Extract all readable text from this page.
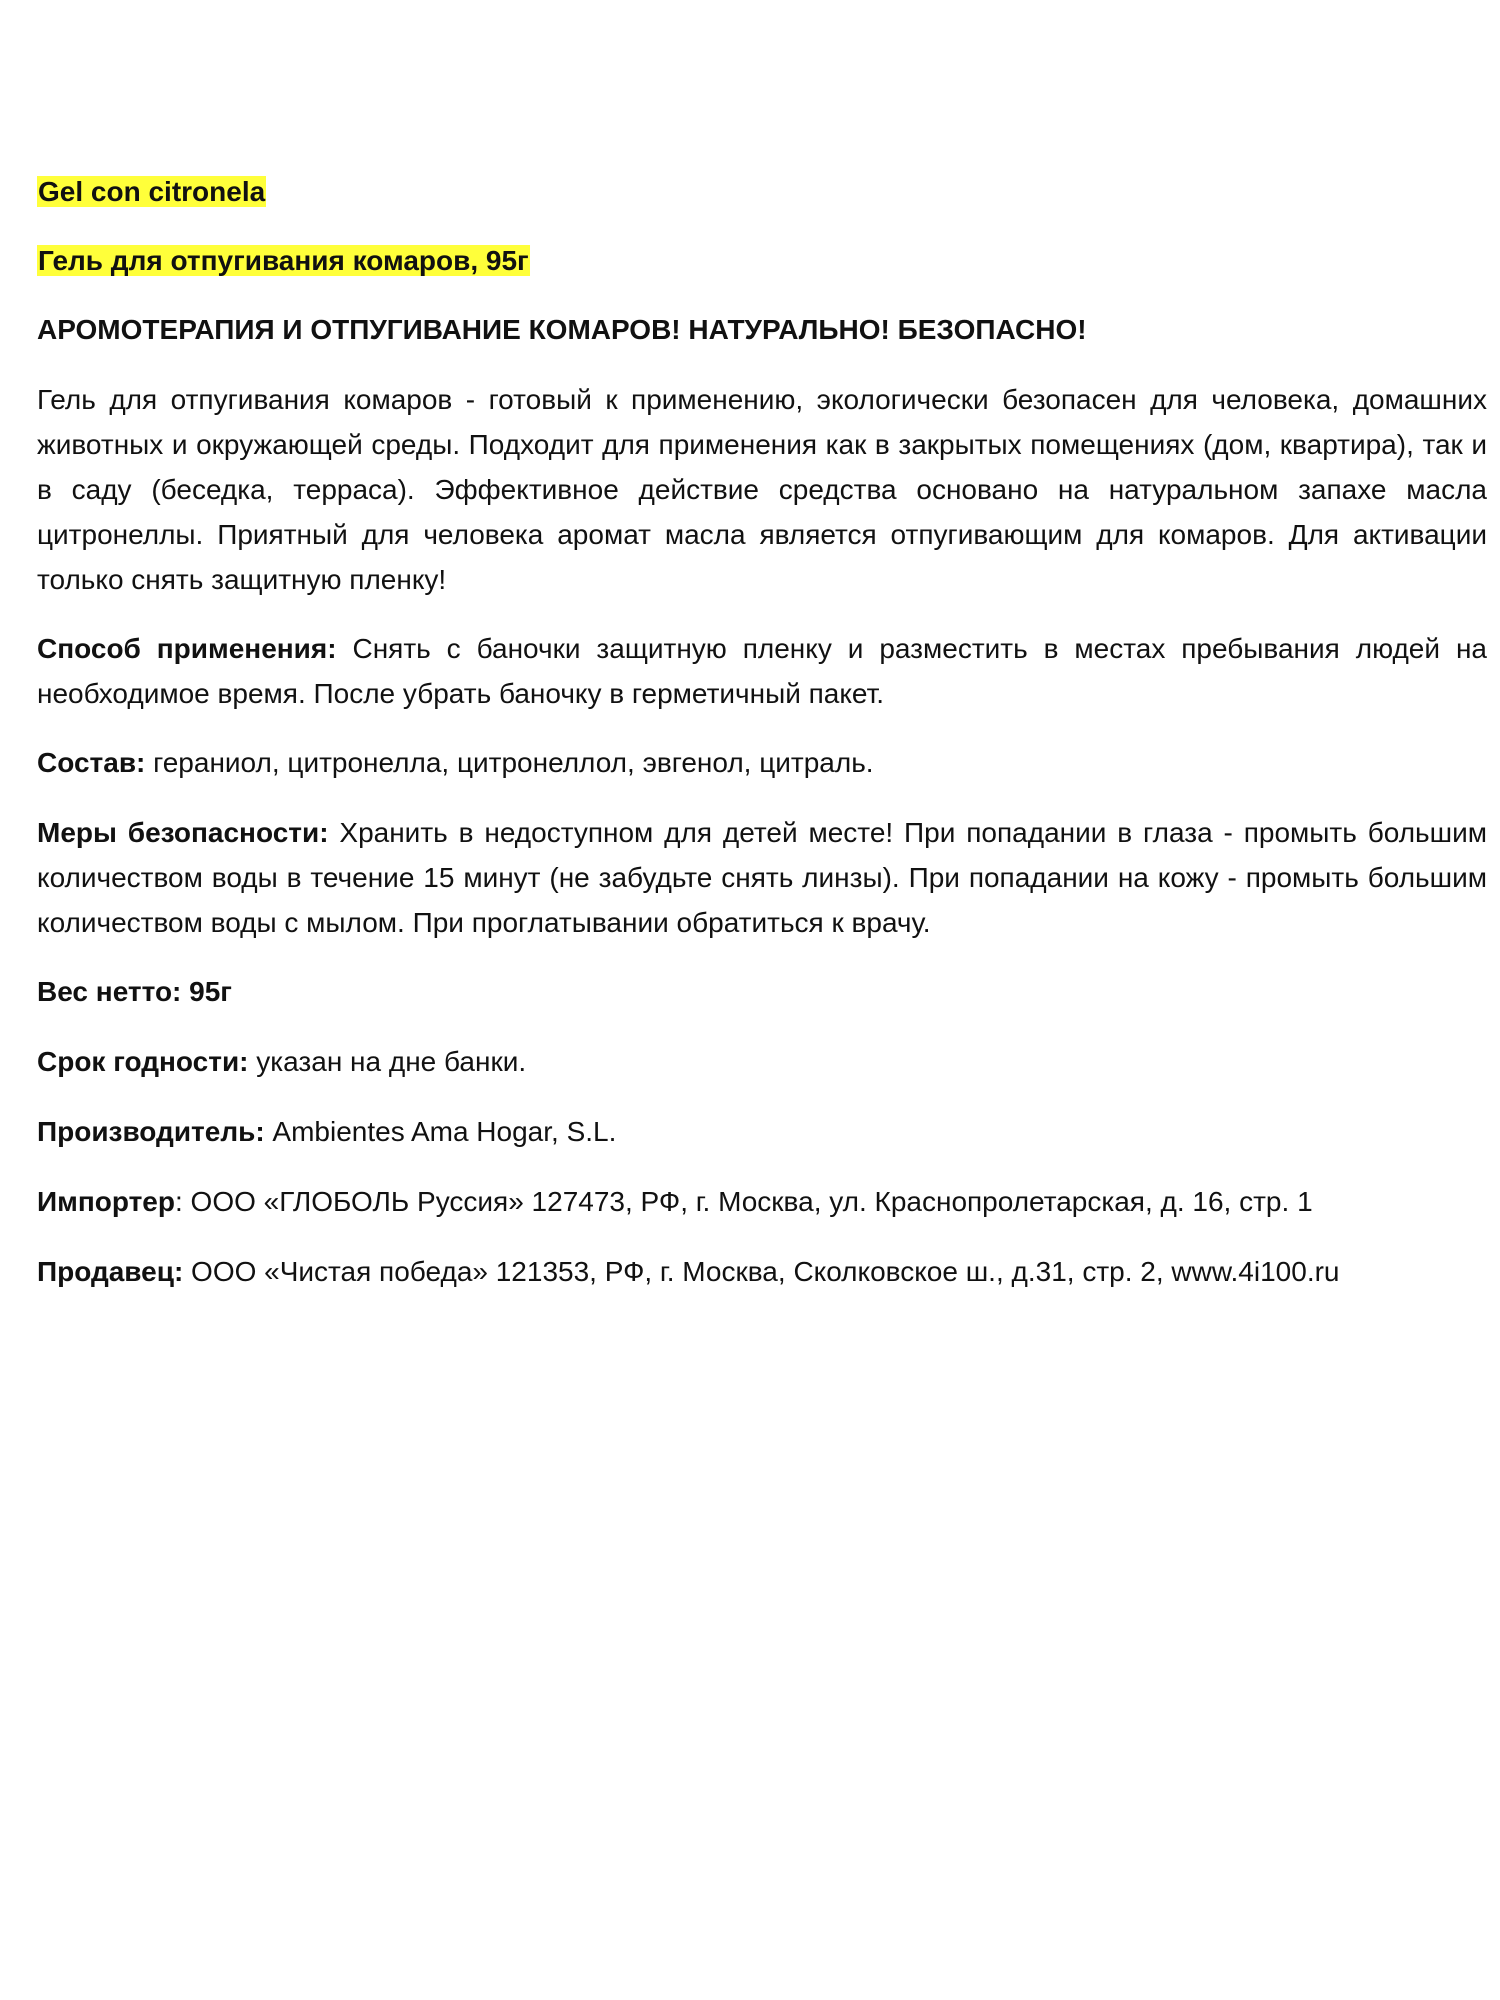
Gel con citronela

Гель для отпугивания комаров, 95г

АРОМОТЕРАПИЯ И ОТПУГИВАНИЕ КОМАРОВ! НАТУРАЛЬНО! БЕЗОПАСНО!

Гель для отпугивания комаров - готовый к применению, экологически безопасен для человека, домашних животных и окружающей среды. Подходит для применения как в закрытых помещениях (дом, квартира), так и в саду (беседка, терраса). Эффективное действие средства основано на натуральном запахе масла цитронеллы. Приятный для человека аромат масла является отпугивающим для комаров. Для активации только снять защитную пленку!

Способ применения: Снять с баночки защитную пленку и разместить в местах пребывания людей на необходимое время. После убрать баночку в герметичный пакет.

Состав: гераниол, цитронелла, цитронеллол, эвгенол, цитраль.

Меры безопасности: Хранить в недоступном для детей месте! При попадании в глаза - промыть большим количеством воды в течение 15 минут (не забудьте снять линзы). При попадании на кожу - промыть большим количеством воды с мылом. При проглатывании обратиться к врачу.

Вес нетто: 95г

Срок годности: указан на дне банки.

Производитель: Ambientes Ama Hogar, S.L.

Импортер: ООО «ГЛОБОЛЬ Руссия» 127473, РФ, г. Москва, ул. Краснопролетарская, д. 16, стр. 1

Продавец: ООО «Чистая победа» 121353, РФ, г. Москва, Сколковское ш., д.31, стр. 2, www.4i100.ru
